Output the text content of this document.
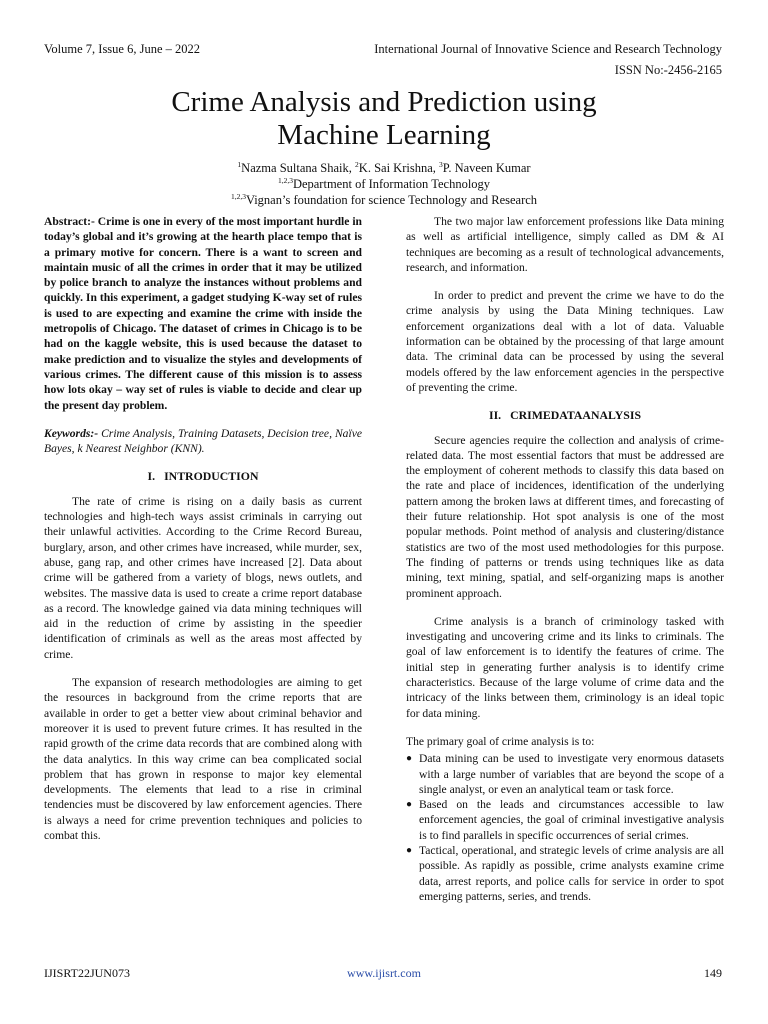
Volume 7, Issue 6, June – 2022	International Journal of Innovative Science and Research Technology
ISSN No:-2456-2165
Crime Analysis and Prediction using
Machine Learning
$^1$Nazma Sultana Shaik, $^2$K. Sai Krishna, $^3$P. Naveen Kumar
$^{1,2,3}$Department of Information Technology
$^{1,2,3}$Vignan’s foundation for science Technology and Research

Abstract:- Crime is one in every of the most important hurdle in today’s global and it’s growing at the hearth place tempo that is a primary motive for concern. There is a want to screen and maintain music of all the crimes in order that it may be utilized by police branch to analyze the instances without problems and quickly. In this experiment, a gadget studying K-way set of rules is used to are expecting and examine the crime with inside the metropolis of Chicago. The dataset of crimes in Chicago is to be had on the kaggle website, this is used because the dataset to make prediction and to visualize the styles and developments of various crimes. The different cause of this mission is to assess how lots okay – way set of rules is viable to decide and clear up the present day problem.

Keywords:- Crime Analysis, Training Datasets, Decision tree, Naïve Bayes, k Nearest Neighbor (KNN).

I. INTRODUCTION

The rate of crime is rising on a daily basis as current technologies and high-tech ways assist criminals in carrying out their unlawful activities. According to the Crime Record Bureau, burglary, arson, and other crimes have increased, while murder, sex, abuse, gang rap, and other crimes have increased [2]. Data about crime will be gathered from a variety of blogs, news outlets, and websites. The massive data is used to create a crime report database as a record. The knowledge gained via data mining techniques will aid in the reduction of crime by assisting in the speedier identification of criminals as well as the areas most affected by crime.

The expansion of research methodologies are aiming to get the resources in background from the crime reports that are available in order to get a better view about criminal behavior and moreover it is used to prevent future crimes. It has resulted in the rapid growth of the crime data records that are combined along with the data analytics. In this way crime can bea complicated social problem that has grown in response to major key elemental developments. The elements that lead to a rise in criminal tendencies must be discovered by law enforcement agencies. There is always a need for crime prevention techniques and policies to combat this.

The two major law enforcement professions like Data mining as well as artificial intelligence, simply called as DM & AI techniques are becoming as a result of technological advancements, research, and information.

In order to predict and prevent the crime we have to do the crime analysis by using the Data Mining techniques. Law enforcement organizations deal with a lot of data. Valuable information can be obtained by the processing of that large amount data. The criminal data can be processed by using the several models offered by the law enforcement agencies in the perspective of preventing the crime.

II. CRIMEDATAANALYSIS

Secure agencies require the collection and analysis of crime-related data. The most essential factors that must be addressed are the employment of coherent methods to classify this data based on the rate and place of incidences, identification of the underlying pattern among the broken laws at different times, and forecasting of their future relationship. Hot spot analysis is one of the most popular methods. Point method of analysis and clustering/distance statistics are two of the most used methodologies for this purpose. The finding of patterns or trends using techniques like as data mining, text mining, spatial, and self-organizing maps is another prominent approach.

Crime analysis is a branch of criminology tasked with investigating and uncovering crime and its links to criminals. The goal of law enforcement is to identify the features of crime. The initial step in generating further analysis is to identify crime characteristics. Because of the large volume of crime data and the intricacy of the links between them, criminology is an ideal topic for data mining.

The primary goal of crime analysis is to:

● Data mining can be used to investigate very enormous datasets with a large number of variables that are beyond the scope of a single analyst, or even an analytical team or task force.
● Based on the leads and circumstances accessible to law enforcement agencies, the goal of criminal investigative analysis is to find parallels in specific occurrences of serial crimes.
● Tactical, operational, and strategic levels of crime analysis are all possible. As rapidly as possible, crime analysts examine crime data, arrest reports, and police calls for service in order to spot emerging patterns, series, and trends.
IJISRT22JUN073	www.ijisrt.com	149
